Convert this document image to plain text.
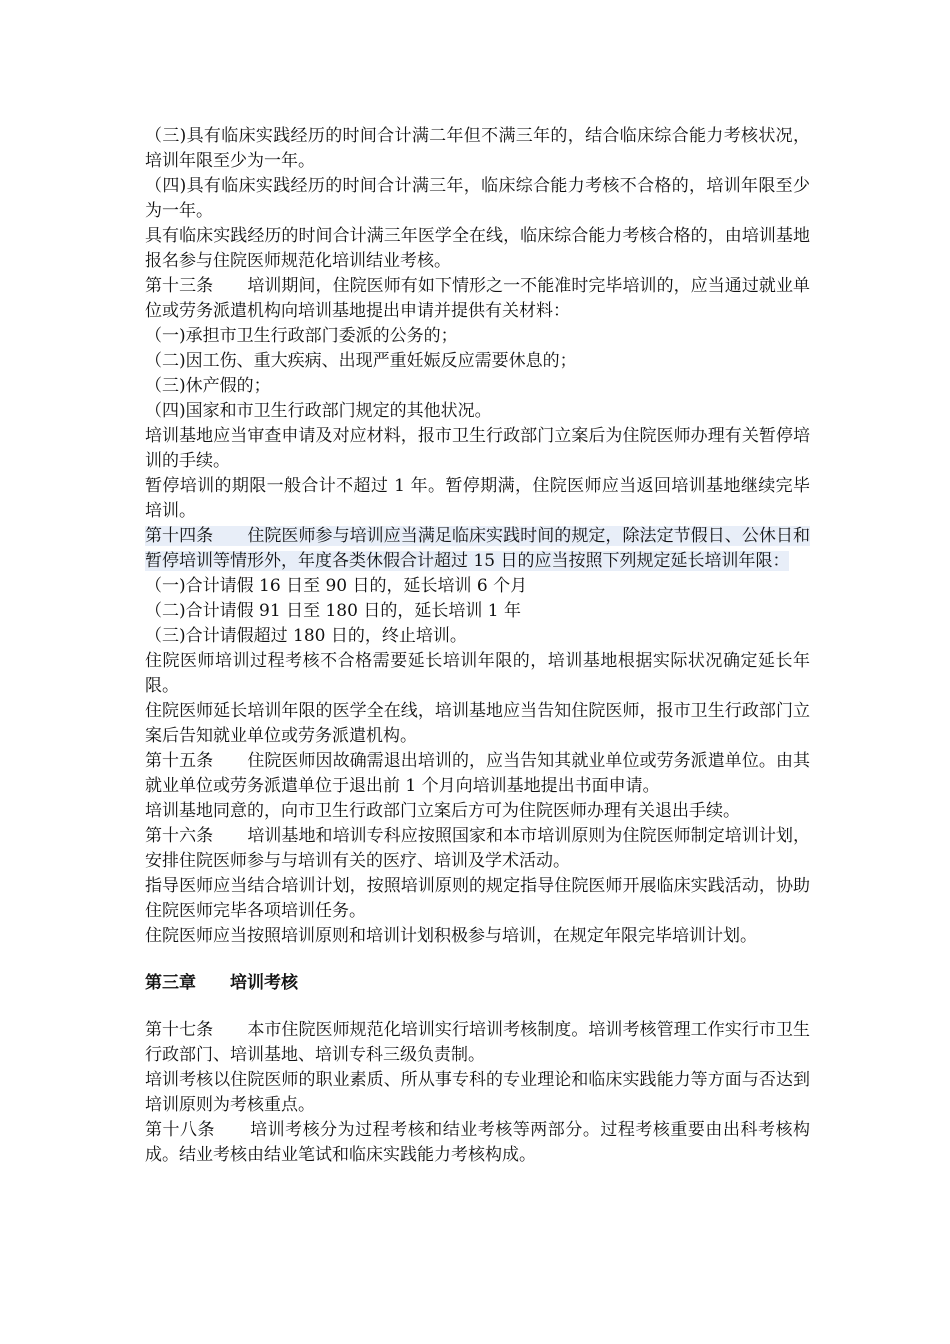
（三)具有临床实践经历的时间合计满二年但不满三年的，结合临床综合能力考核状况，培训年限至少为一年。

（四)具有临床实践经历的时间合计满三年，临床综合能力考核不合格的，培训年限至少为一年。

具有临床实践经历的时间合计满三年医学全在线，临床综合能力考核合格的，由培训基地报名参与住院医师规范化培训结业考核。

第十三条　　培训期间，住院医师有如下情形之一不能准时完毕培训的，应当通过就业单位或劳务派遣机构向培训基地提出申请并提供有关材料：

（一)承担市卫生行政部门委派的公务的；

（二)因工伤、重大疾病、出现严重妊娠反应需要休息的；

（三)休产假的；

（四)国家和市卫生行政部门规定的其他状况。

培训基地应当审查申请及对应材料，报市卫生行政部门立案后为住院医师办理有关暂停培训的手续。

暂停培训的期限一般合计不超过 1 年。暂停期满，住院医师应当返回培训基地继续完毕培训。

第十四条　　住院医师参与培训应当满足临床实践时间的规定，除法定节假日、公休日和暂停培训等情形外，年度各类休假合计超过 15 日的应当按照下列规定延长培训年限：

（一)合计请假 16 日至 90 日的，延长培训 6 个月

（二)合计请假 91 日至 180 日的，延长培训 1 年

（三)合计请假超过 180 日的，终止培训。

住院医师培训过程考核不合格需要延长培训年限的，培训基地根据实际状况确定延长年限。

住院医师延长培训年限的医学全在线，培训基地应当告知住院医师，报市卫生行政部门立案后告知就业单位或劳务派遣机构。

第十五条　　住院医师因故确需退出培训的，应当告知其就业单位或劳务派遣单位。由其就业单位或劳务派遣单位于退出前 1 个月向培训基地提出书面申请。

培训基地同意的，向市卫生行政部门立案后方可为住院医师办理有关退出手续。

第十六条　　培训基地和培训专科应按照国家和本市培训原则为住院医师制定培训计划，安排住院医师参与与培训有关的医疗、培训及学术活动。

指导医师应当结合培训计划，按照培训原则的规定指导住院医师开展临床实践活动，协助住院医师完毕各项培训任务。

住院医师应当按照培训原则和培训计划积极参与培训，在规定年限完毕培训计划。

第三章　　培训考核

第十七条　　本市住院医师规范化培训实行培训考核制度。培训考核管理工作实行市卫生行政部门、培训基地、培训专科三级负责制。

培训考核以住院医师的职业素质、所从事专科的专业理论和临床实践能力等方面与否达到培训原则为考核重点。

第十八条　　培训考核分为过程考核和结业考核等两部分。过程考核重要由出科考核构成。结业考核由结业笔试和临床实践能力考核构成。
